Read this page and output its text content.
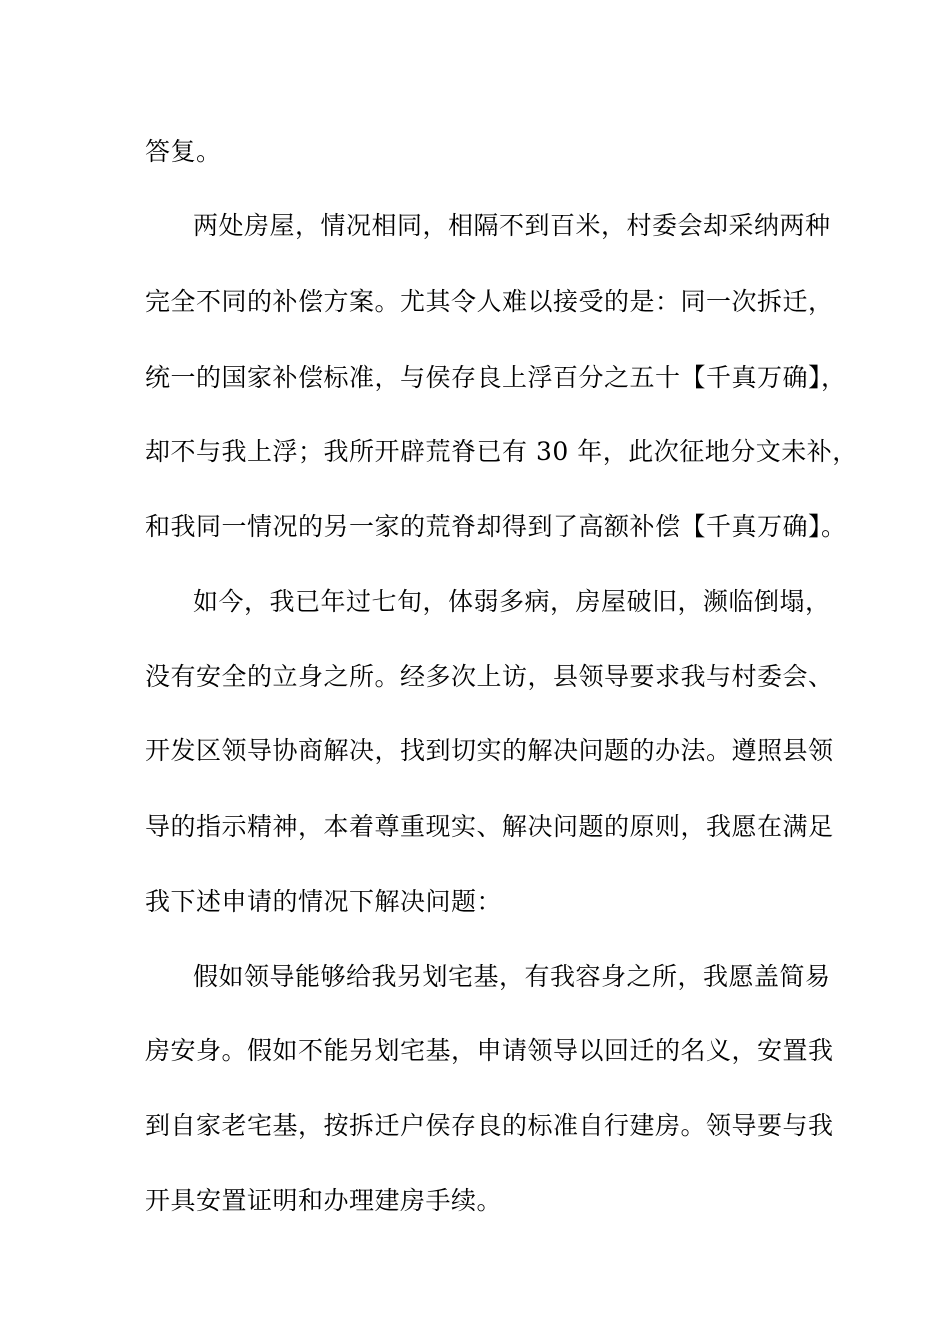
答复。
两处房屋，情况相同，相隔不到百米，村委会却采纳两种
完全不同的补偿方案。尤其令人难以接受的是：同一次拆迁，
统一的国家补偿标准，与侯存良上浮百分之五十【千真万确】，
却不与我上浮；我所开辟荒脊已有 30 年，此次征地分文未补，
和我同一情况的另一家的荒脊却得到了高额补偿【千真万确】。
如今，我已年过七旬，体弱多病，房屋破旧，濒临倒塌，
没有安全的立身之所。经多次上访，县领导要求我与村委会、
开发区领导协商解决，找到切实的解决问题的办法。遵照县领
导的指示精神，本着尊重现实、解决问题的原则，我愿在满足
我下述申请的情况下解决问题：
假如领导能够给我另划宅基，有我容身之所，我愿盖简易
房安身。假如不能另划宅基，申请领导以回迁的名义，安置我
到自家老宅基，按拆迁户侯存良的标准自行建房。领导要与我
开具安置证明和办理建房手续。
